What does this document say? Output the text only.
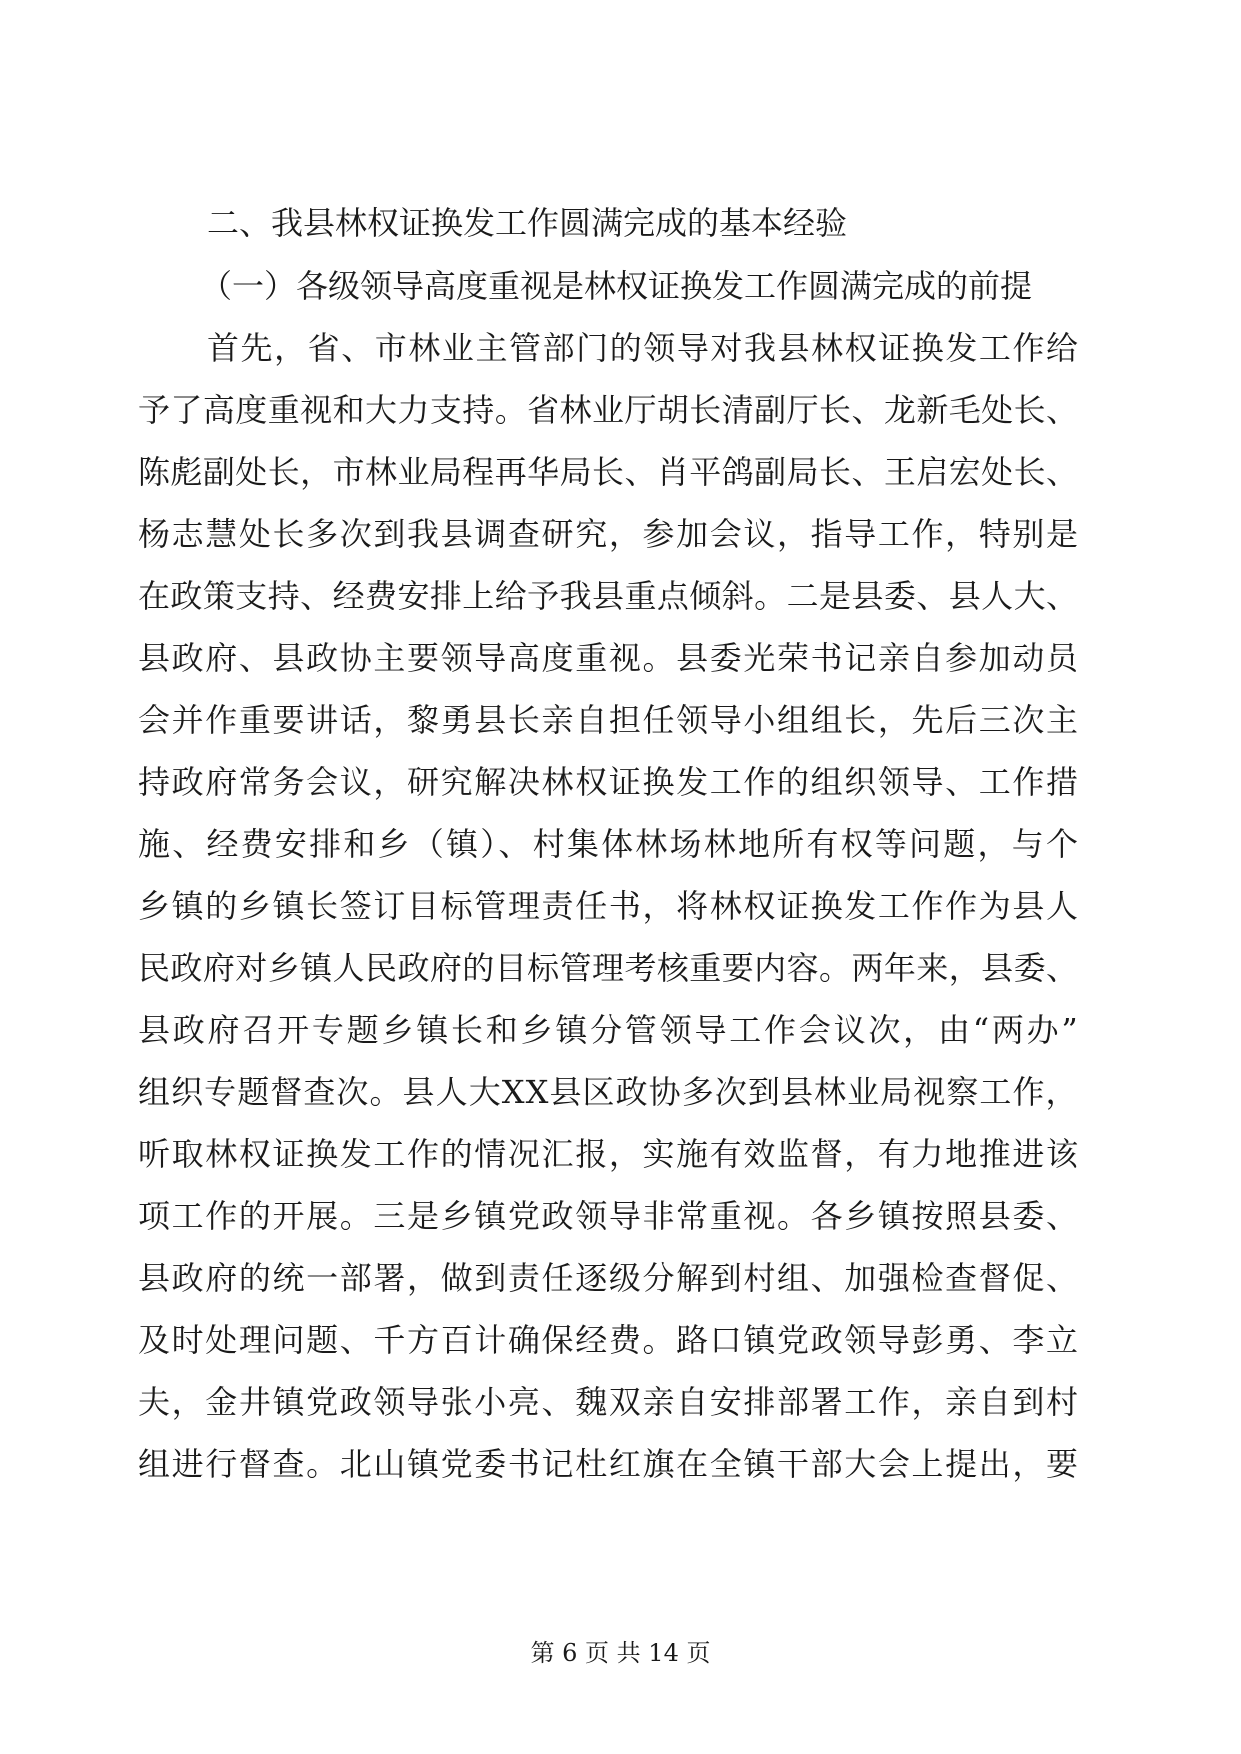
二、我县林权证换发工作圆满完成的基本经验
（一）各级领导高度重视是林权证换发工作圆满完成的前提
首先，省、市林业主管部门的领导对我县林权证换发工作给
予了高度重视和大力支持。省林业厅胡长清副厅长、龙新毛处长、
陈彪副处长，市林业局程再华局长、肖平鸽副局长、王启宏处长、
杨志慧处长多次到我县调查研究，参加会议，指导工作，特别是
在政策支持、经费安排上给予我县重点倾斜。二是县委、县人大、
县政府、县政协主要领导高度重视。县委光荣书记亲自参加动员
会并作重要讲话，黎勇县长亲自担任领导小组组长，先后三次主
持政府常务会议，研究解决林权证换发工作的组织领导、工作措
施、经费安排和乡（镇）、村集体林场林地所有权等问题，与个
乡镇的乡镇长签订目标管理责任书，将林权证换发工作作为县人
民政府对乡镇人民政府的目标管理考核重要内容。两年来，县委、
县政府召开专题乡镇长和乡镇分管领导工作会议次，由“两办”
组织专题督查次。县人大XX县区政协多次到县林业局视察工作，
听取林权证换发工作的情况汇报，实施有效监督，有力地推进该
项工作的开展。三是乡镇党政领导非常重视。各乡镇按照县委、
县政府的统一部署，做到责任逐级分解到村组、加强检查督促、
及时处理问题、千方百计确保经费。路口镇党政领导彭勇、李立
夫，金井镇党政领导张小亮、魏双亲自安排部署工作，亲自到村
组进行督查。北山镇党委书记杜红旗在全镇干部大会上提出，要
第 6 页 共 14 页
